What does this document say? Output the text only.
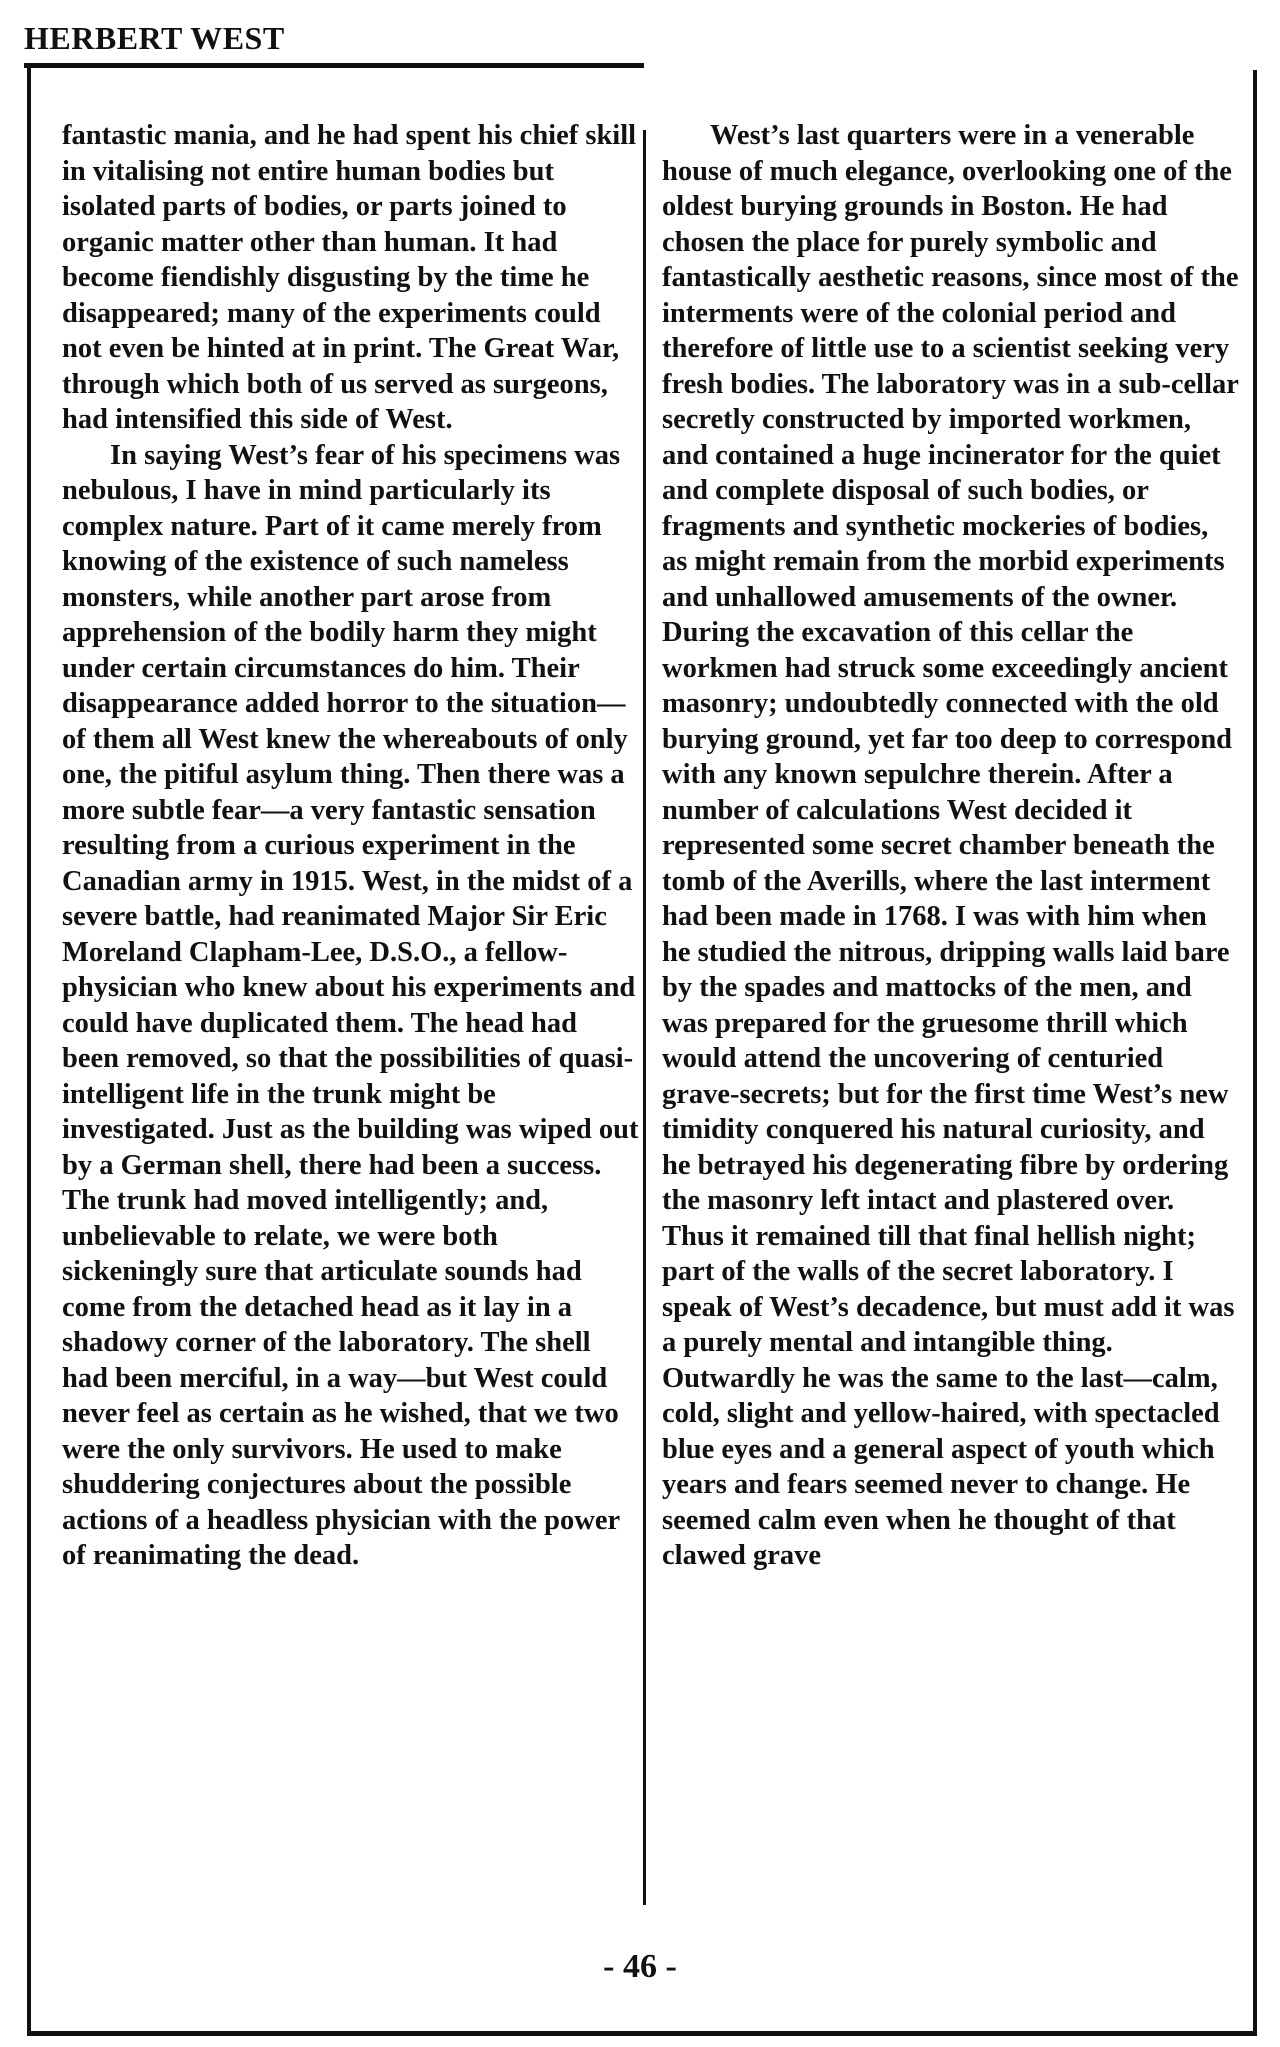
HERBERT WEST

fantastic mania, and he had spent his chief skill in vitalising not entire human bodies but isolated parts of bodies, or parts joined to organic matter other than human. It had become fiendishly disgusting by the time he disappeared; many of the experiments could not even be hinted at in print. The Great War, through which both of us served as surgeons, had intensified this side of West.

In saying West’s fear of his specimens was nebulous, I have in mind particularly its complex nature. Part of it came merely from knowing of the existence of such nameless monsters, while another part arose from apprehension of the bodily harm they might under certain circumstances do him. Their disappearance added horror to the situation—of them all West knew the whereabouts of only one, the pitiful asylum thing. Then there was a more subtle fear—a very fantastic sensation resulting from a curious experiment in the Canadian army in 1915. West, in the midst of a severe battle, had reanimated Major Sir Eric Moreland Clapham-Lee, D.S.O., a fellow-physician who knew about his experiments and could have duplicated them. The head had been removed, so that the possibilities of quasi-intelligent life in the trunk might be investigated. Just as the building was wiped out by a German shell, there had been a success. The trunk had moved intelligently; and, unbelievable to relate, we were both sickeningly sure that articulate sounds had come from the detached head as it lay in a shadowy corner of the laboratory. The shell had been merciful, in a way—but West could never feel as certain as he wished, that we two were the only survivors. He used to make shuddering conjectures about the possible actions of a headless physician with the power of reanimating the dead.

West’s last quarters were in a venerable house of much elegance, overlooking one of the oldest burying grounds in Boston. He had chosen the place for purely symbolic and fantastically aesthetic reasons, since most of the interments were of the colonial period and therefore of little use to a scientist seeking very fresh bodies. The laboratory was in a sub-cellar secretly constructed by imported workmen, and contained a huge incinerator for the quiet and complete disposal of such bodies, or fragments and synthetic mockeries of bodies, as might remain from the morbid experiments and unhallowed amusements of the owner. During the excavation of this cellar the workmen had struck some exceedingly ancient masonry; undoubtedly connected with the old burying ground, yet far too deep to correspond with any known sepulchre therein. After a number of calculations West decided it represented some secret chamber beneath the tomb of the Averills, where the last interment had been made in 1768. I was with him when he studied the nitrous, dripping walls laid bare by the spades and mattocks of the men, and was prepared for the gruesome thrill which would attend the uncovering of centuried grave-secrets; but for the first time West’s new timidity conquered his natural curiosity, and he betrayed his degenerating fibre by ordering the masonry left intact and plastered over. Thus it remained till that final hellish night; part of the walls of the secret laboratory. I speak of West’s decadence, but must add it was a purely mental and intangible thing. Outwardly he was the same to the last—calm, cold, slight and yellow-haired, with spectacled blue eyes and a general aspect of youth which years and fears seemed never to change. He seemed calm even when he thought of that clawed grave

- 46 -
